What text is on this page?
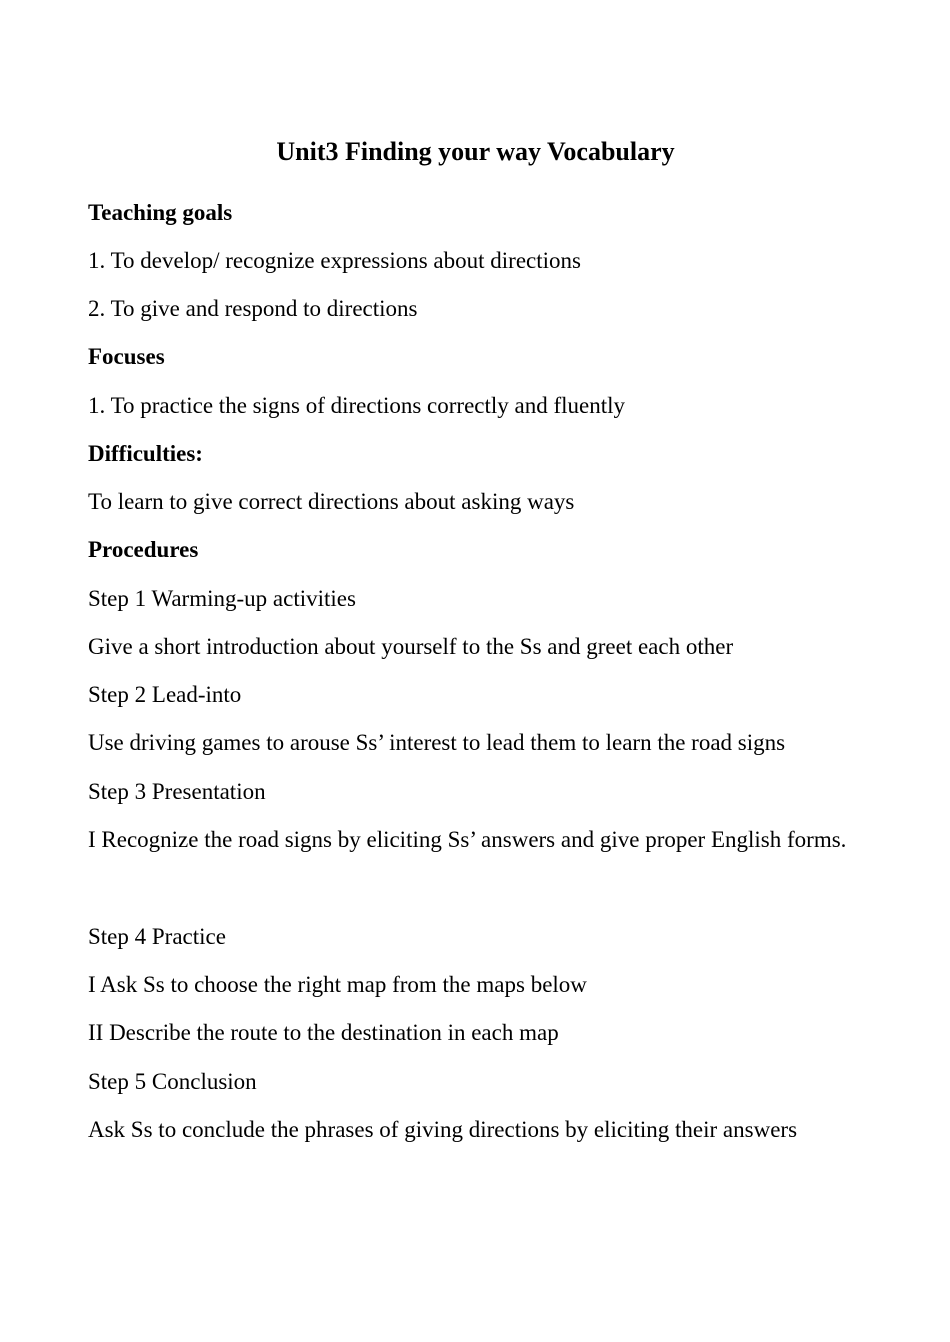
Unit3 Finding your way Vocabulary

Teaching goals

1. To develop/ recognize expressions about directions

2. To give and respond to directions

Focuses

1. To practice the signs of directions correctly and fluently

Difficulties:

To learn to give correct directions about asking ways

Procedures

Step 1 Warming-up activities

Give a short introduction about yourself to the Ss and greet each other

Step 2 Lead-into

Use driving games to arouse Ss’ interest to lead them to learn the road signs

Step 3 Presentation

I Recognize the road signs by eliciting Ss’ answers and give proper English forms.

Step 4 Practice

I Ask Ss to choose the right map from the maps below

II Describe the route to the destination in each map

Step 5 Conclusion

Ask Ss to conclude the phrases of giving directions by eliciting their answers
